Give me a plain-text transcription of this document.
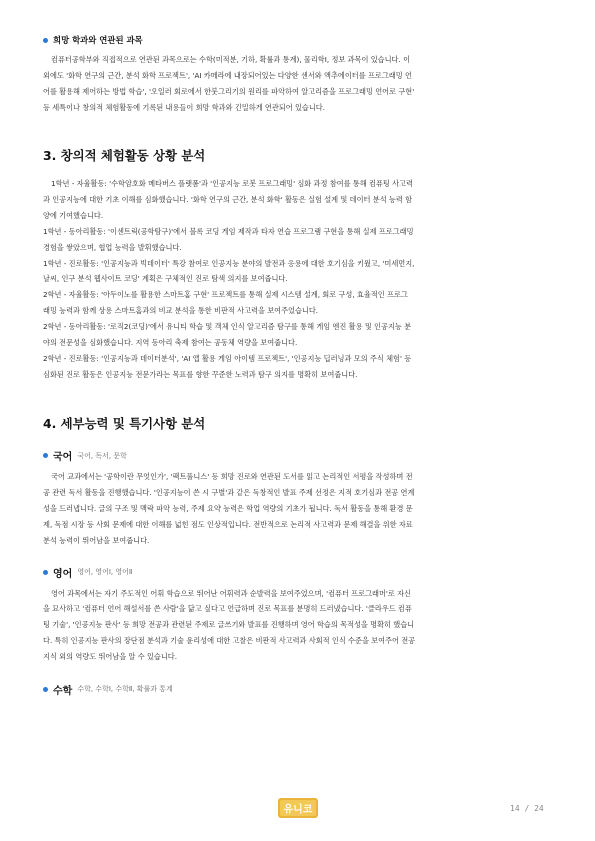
희망 학과와 연관된 과목
컴퓨터공학부와 직접적으로 연관된 과목으로는 수학(미적분, 기하, 확률과 통계), 물리학Ⅰ, 정보 과목이 있습니다. 이
외에도 '화학 연구의 근간, 분석 화학 프로젝트', 'AI 카메라에 내장되어있는 다양한 센서와 액추에이터를 프로그래밍 언
어를 활용해 제어하는 방법 학습', '오일러 회로에서 한붓그리기의 원리를 파악하여 알고리즘을 프로그래밍 언어로 구현'
등 세특이나 창의적 체험활동에 기록된 내용들이 희망 학과와 긴밀하게 연관되어 있습니다.
3. 창의적 체험활동 상황 분석
1학년 - 자율활동: '수학암호화 메타버스 플랫폼'과 '인공지능 로봇 프로그래밍' 심화 과정 참여를 통해 컴퓨팅 사고력
과 인공지능에 대한 기초 이해를 심화했습니다. '화학 연구의 근간, 분석 화학' 활동은 실험 설계 및 데이터 분석 능력 함
양에 기여했습니다.
1학년 - 동아리활동: '이센트릭(공학탐구)'에서 블록 코딩 게임 제작과 타자 연습 프로그램 구현을 통해 실제 프로그래밍
경험을 쌓았으며, 협업 능력을 발휘했습니다.
1학년 - 진로활동: '인공지능과 빅데이터' 특강 참여로 인공지능 분야의 발전과 응용에 대한 호기심을 키웠고, '미세먼지,
날씨, 인구 분석 웹사이트 코딩' 계획은 구체적인 진로 탐색 의지를 보여줍니다.
2학년 - 자율활동: '아두이노를 활용한 스마트홈 구현' 프로젝트를 통해 실제 시스템 설계, 회로 구성, 효율적인 프로그
래밍 능력과 함께 상용 스마트홈과의 비교 분석을 통한 비판적 사고력을 보여주었습니다.
2학년 - 동아리활동: '로직2(코딩)'에서 유니티 학습 및 객체 인식 알고리즘 탐구를 통해 게임 엔진 활용 및 인공지능 분
야의 전문성을 심화했습니다. 지역 동아리 축제 참여는 공동체 역량을 보여줍니다.
2학년 - 진로활동: '인공지능과 데이터분석', 'AI 앱 활용 게임 아이템 프로젝트', '인공지능 딥러닝과 모의 주식 체험' 등
심화된 진로 활동은 인공지능 전문가라는 목표를 향한 꾸준한 노력과 탐구 의지를 명확히 보여줍니다.
4. 세부능력 및 특기사항 분석
국어 국어, 독서, 문학
국어 교과에서는 '공학이란 무엇인가', '팩트풀니스' 등 희망 진로와 연관된 도서를 읽고 논리적인 서평을 작성하며 전
공 관련 독서 활동을 진행했습니다. '인공지능이 쓴 시 구별'과 같은 독창적인 발표 주제 선정은 지적 호기심과 전공 연계
성을 드러냅니다. 글의 구조 및 맥락 파악 능력, 주제 요약 능력은 학업 역량의 기초가 됩니다. 독서 활동을 통해 환경 문
제, 독점 시장 등 사회 문제에 대한 이해를 넓힌 점도 인상적입니다. 전반적으로 논리적 사고력과 문제 해결을 위한 자료
분석 능력이 뛰어남을 보여줍니다.
영어 영어, 영어Ⅰ, 영어Ⅱ
영어 과목에서는 자기 주도적인 어휘 학습으로 뛰어난 어휘력과 순발력을 보여주었으며, '컴퓨터 프로그래머'로 자신
을 묘사하고 '컴퓨터 언어 해설서를 쓴 사람'을 닮고 싶다고 언급하며 진로 목표를 분명히 드러냈습니다. '클라우드 컴퓨
팅 기술', '인공지능 판사' 등 희망 전공과 관련된 주제로 글쓰기와 발표를 진행하며 영어 학습의 목적성을 명확히 했습니
다. 특히 인공지능 판사의 장단점 분석과 기술 윤리성에 대한 고찰은 비판적 사고력과 사회적 인식 수준을 보여주어 전공
지식 외의 역량도 뛰어남을 알 수 있습니다.
수학 수학, 수학Ⅰ, 수학Ⅱ, 확률과 통계
유니코	14 / 24
